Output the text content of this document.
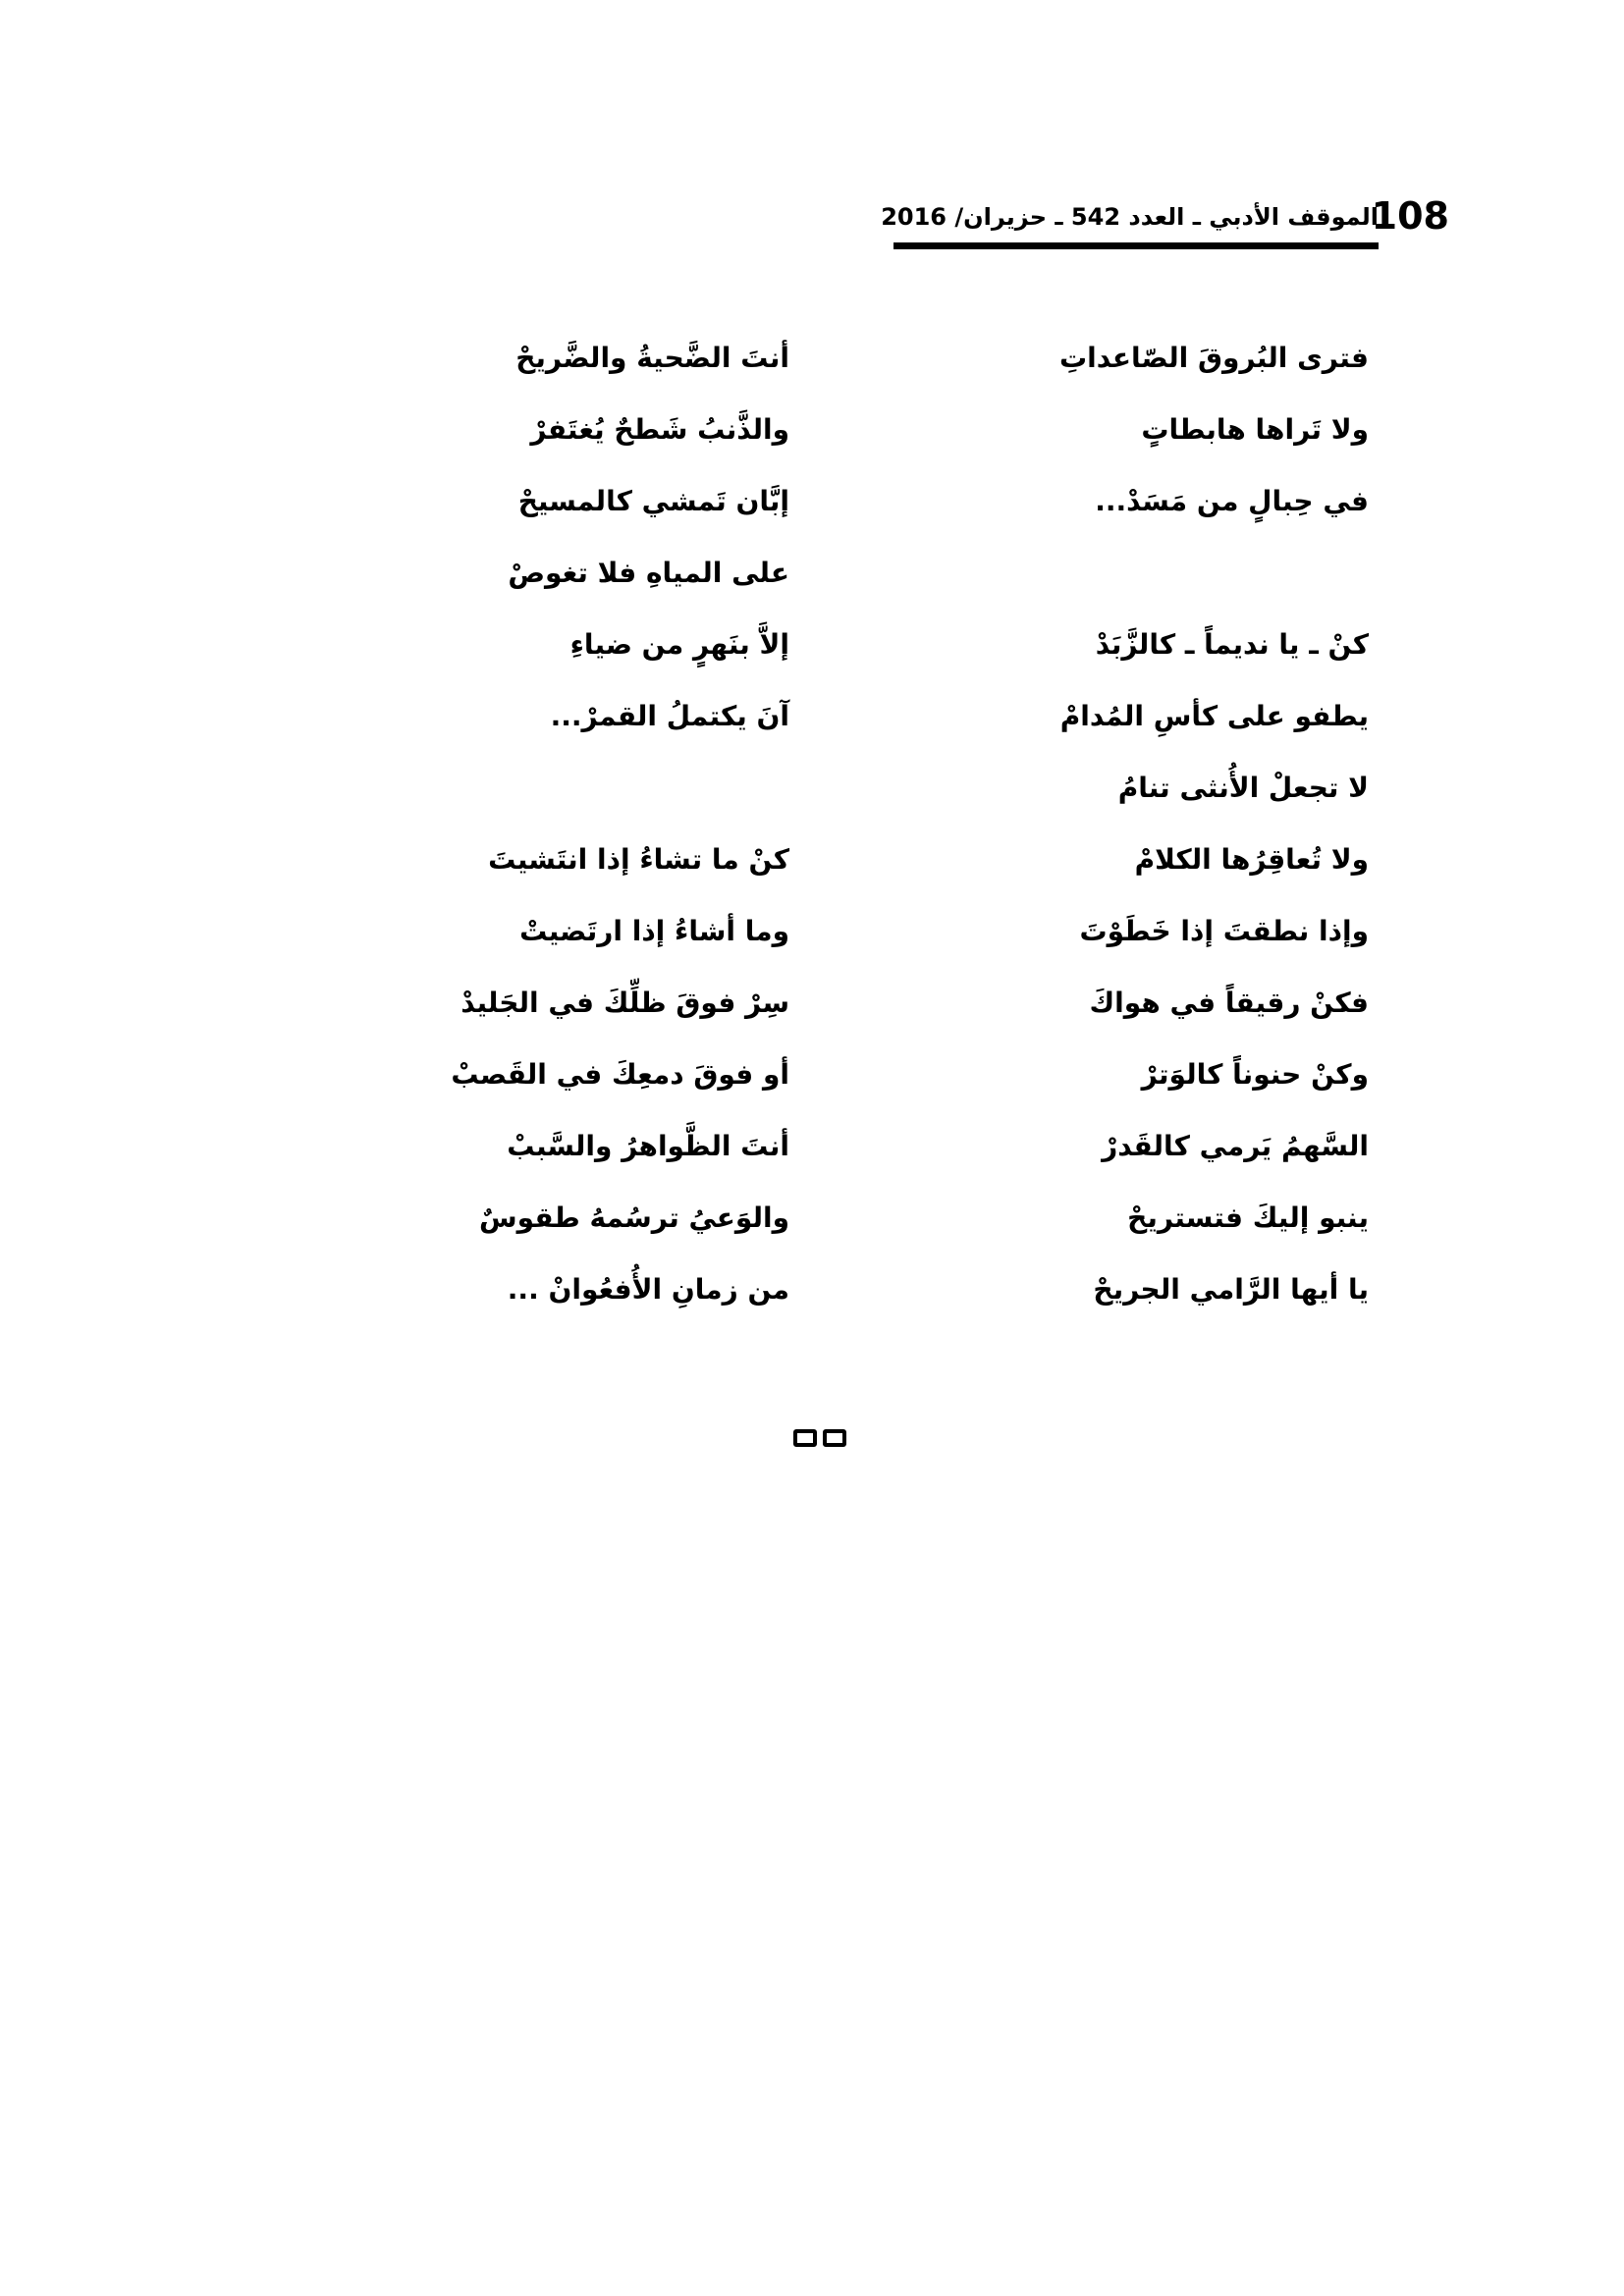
108
الموقف الأدبي ـ العدد 542 ـ حزيران/ 2016
فترى البُروقَ الصّاعداتِ
ولا تَراها هابطاتٍ
في حِبالٍ من مَسَدْ...
كنْ ـ يا نديماً ـ كالزَّبَدْ
يطفو على كأسِ المُدامْ
لا تجعلْ الأُنثى تنامُ
ولا تُعاقِرُها الكلامْ
وإذا نطقتَ إذا خَطَوْتَ
فكنْ رقيقاً في هواكَ
وكنْ حنوناً كالوَترْ
السَّهمُ يَرمي كالقَدرْ
ينبو إليكَ فتستريحْ
يا أيها الرَّامي الجريحْ
أنتَ الضَّحيةُ والضَّريحْ
والذَّنبُ شَطحٌ يُغتَفرْ
إبَّان تَمشي كالمسيحْ
على المياهِ فلا تغوصْ
إلاَّ بنَهرٍ من ضياءِ
آنَ يكتملُ القمرْ...
كنْ ما تشاءُ إذا انتَشيتَ
وما أشاءُ إذا ارتَضيتْ
سِرْ فوقَ ظلِّكَ في الجَليدْ
أو فوقَ دمعِكَ في القَصبْ
أنتَ الظَّواهرُ والسَّببْ
والوَعيُ ترسُمهُ طقوسٌ
من زمانِ الأُفعُوانْ ...
